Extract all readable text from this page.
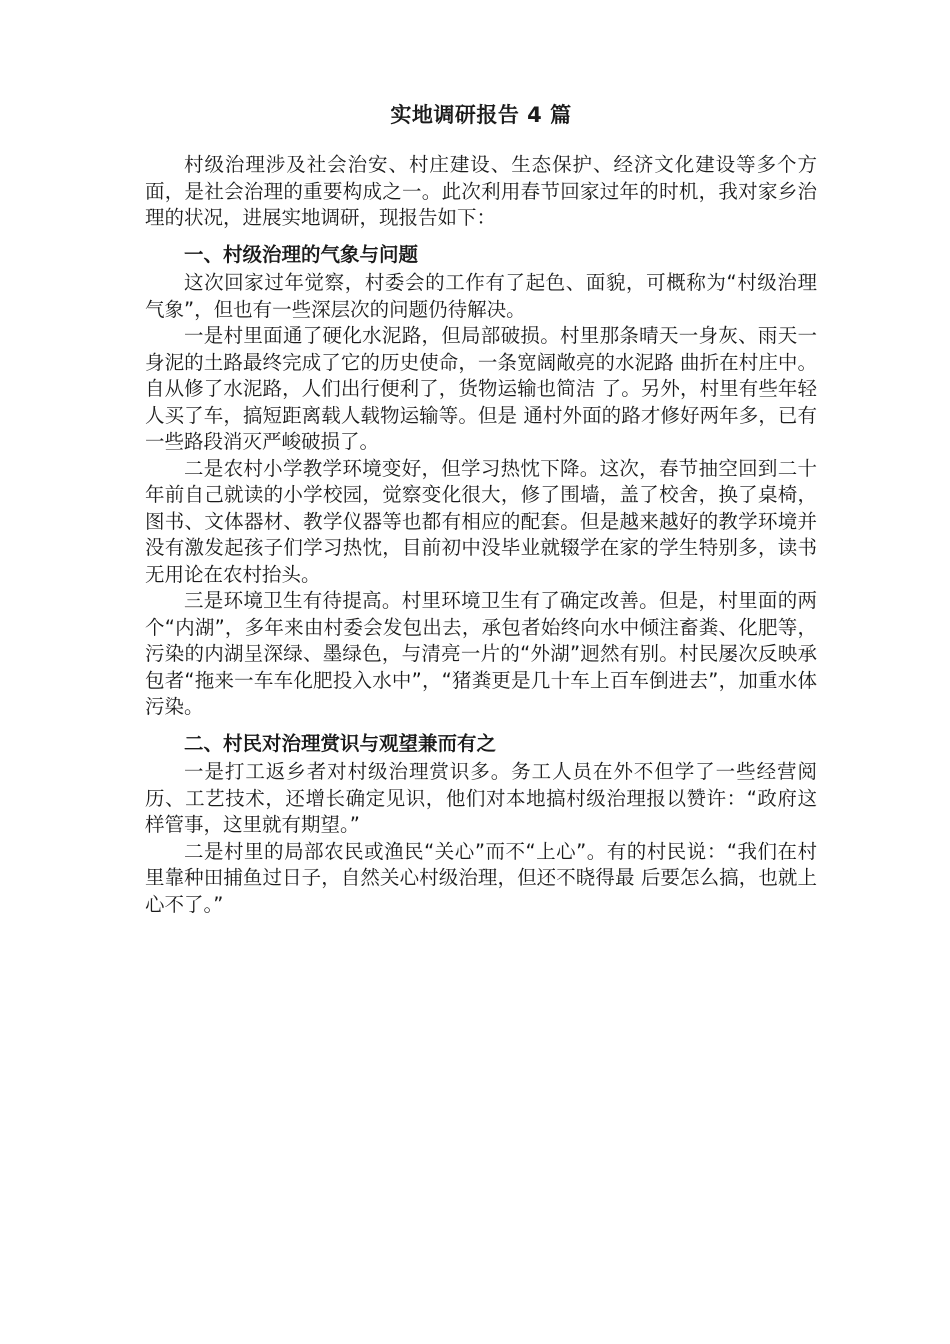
实地调研报告 4 篇

村级治理涉及社会治安、村庄建设、生态保护、经济文化建设等多个方面，是社会治理的重要构成之一。此次利用春节回家过年的时机，我对家乡治理的状况，进展实地调研，现报告如下：

一、村级治理的气象与问题

这次回家过年觉察，村委会的工作有了起色、面貌，可概称为“村级治理气象”，但也有一些深层次的问题仍待解决。

一是村里面通了硬化水泥路，但局部破损。村里那条晴天一身灰、雨天一身泥的土路最终完成了它的历史使命，一条宽阔敞亮的水泥路 曲折在村庄中。自从修了水泥路，人们出行便利了，货物运输也简洁 了。另外，村里有些年轻人买了车，搞短距离载人载物运输等。但是 通村外面的路才修好两年多，已有一些路段消灭严峻破损了。

二是农村小学教学环境变好，但学习热忱下降。这次，春节抽空回到二十年前自己就读的小学校园，觉察变化很大，修了围墙，盖了校舍，换了桌椅，图书、文体器材、教学仪器等也都有相应的配套。但是越来越好的教学环境并没有激发起孩子们学习热忱，目前初中没毕业就辍学在家的学生特别多，读书无用论在农村抬头。

三是环境卫生有待提高。村里环境卫生有了确定改善。但是，村里面的两个“内湖”，多年来由村委会发包出去，承包者始终向水中倾注畜粪、化肥等，污染的内湖呈深绿、墨绿色，与清亮一片的“外湖”迥然有别。村民屡次反映承包者“拖来一车车化肥投入水中”，“猪粪更是几十车上百车倒进去”，加重水体污染。

二、村民对治理赏识与观望兼而有之

一是打工返乡者对村级治理赏识多。务工人员在外不但学了一些经营阅历、工艺技术，还增长确定见识，他们对本地搞村级治理报以赞许：“政府这样管事，这里就有期望。”

二是村里的局部农民或渔民“关心”而不“上心”。有的村民说：“我们在村里靠种田捕鱼过日子，自然关心村级治理，但还不晓得最 后要怎么搞，也就上心不了。”
